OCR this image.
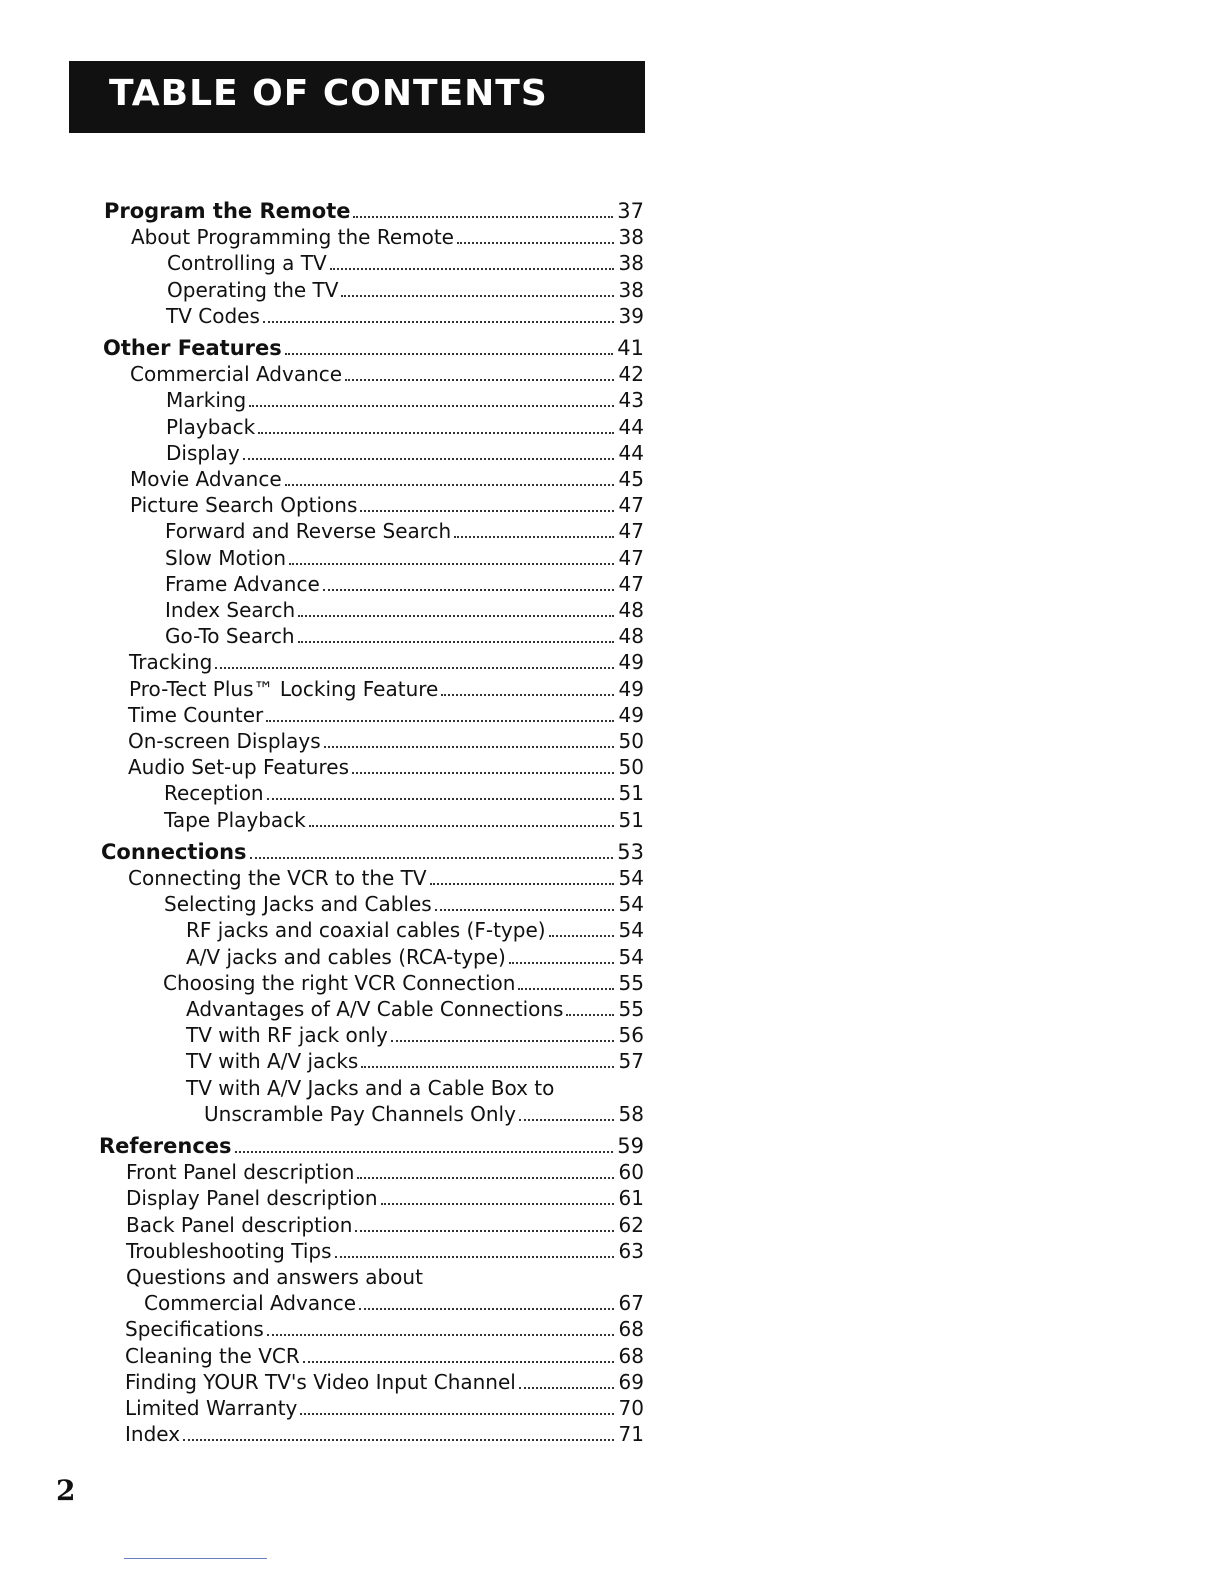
TABLE OF CONTENTS
Program the Remote	37
About Programming the Remote	38
Controlling a TV	38
Operating the TV	38
TV Codes	39
Other Features	41
Commercial Advance	42
Marking	43
Playback	44
Display	44
Movie Advance	45
Picture Search Options	47
Forward and Reverse Search	47
Slow Motion	47
Frame Advance	47
Index Search	48
Go-To Search	48
Tracking	49
Pro-Tect Plus™ Locking Feature	49
Time Counter	49
On-screen Displays	50
Audio Set-up Features	50
Reception	51
Tape Playback	51
Connections	53
Connecting the VCR to the TV	54
Selecting Jacks and Cables	54
RF jacks and coaxial cables (F-type)	54
A/V jacks and cables (RCA-type)	54
Choosing the right VCR Connection	55
Advantages of A/V Cable Connections	55
TV with RF jack only	56
TV with A/V jacks	57
TV with A/V Jacks and a Cable Box to
Unscramble Pay Channels Only	58
References	59
Front Panel description	60
Display Panel description	61
Back Panel description	62
Troubleshooting Tips	63
Questions and answers about
Commercial Advance	67
Specifications	68
Cleaning the VCR	68
Finding YOUR TV's Video Input Channel	69
Limited Warranty	70
Index	71
2
